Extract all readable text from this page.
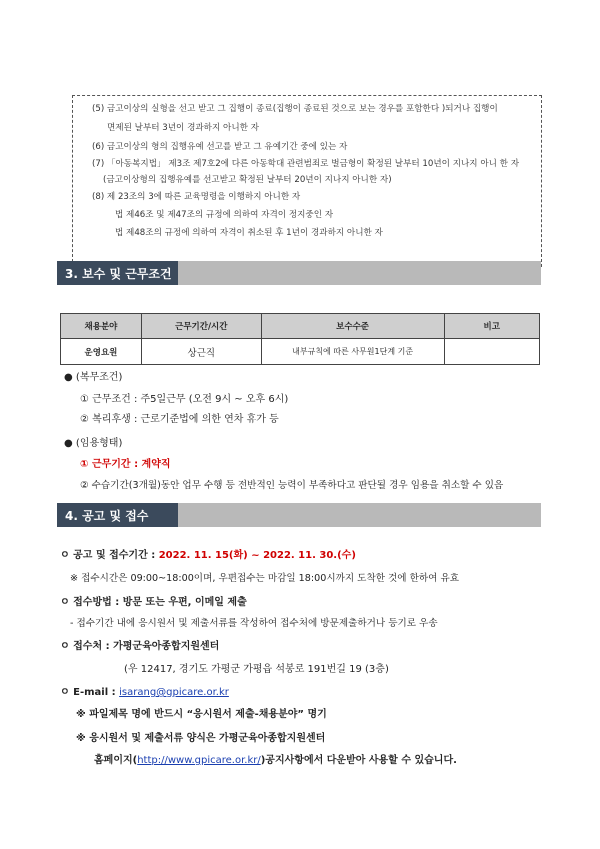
(5) 금고이상의 실형을 선고 받고 그 집행이 종료(집행이 종료된 것으로 보는 경우를 포함한다 )되거나 집행이
면제된 날부터 3년이 경과하지 아니한 자
(6) 금고이상의 형의 집행유예 선고를 받고 그 유예기간 중에 있는 자
(7) 「아동복지법」 제3조 제7호2에 다른 아동학대 관련범죄로 벌금형이 확정된 날부터 10년이 지나지 아니 한 자
(금고이상형의 집행유예를 선고받고 확정된 날부터 20년이 지나지 아니한 자)
(8) 제 23조의 3에 따른 교육명령을 이행하지 아니한 자
법 제46조 및 제47조의 규정에 의하여 자격이 정지중인 자
법 제48조의 규정에 의하여 자격이 취소된 후 1년이 경과하지 아니한 자
3. 보수 및 근무조건
채용분야	근무기간/시간	보수수준	비고
운영요원	상근직	내부규칙에 따른 사무원1단계 기준	
● (복무조건)
① 근무조건 : 주5일근무 (오전 9시 ~ 오후 6시)
② 복리후생 : 근로기준법에 의한 연차 휴가 등
● (임용형태)
① 근무기간 : 계약직
② 수습기간(3개월)동안 업무 수행 등 전반적인 능력이 부족하다고 판단될 경우 임용을 취소할 수 있음
4. 공고 및 접수
ㅇ 공고 및 접수기간 : 2022. 11. 15(화) ~ 2022. 11. 30.(수)
※ 접수시간은 09:00~18:00이며, 우편접수는 마감일 18:00시까지 도착한 것에 한하여 유효
ㅇ 접수방법 : 방문 또는 우편, 이메일 제출
- 접수기간 내에 응시원서 및 제출서류를 작성하여 접수처에 방문제출하거나 등기로 우송
ㅇ 접수처 : 가평군육아종합지원센터
(우 12417, 경기도 가평군 가평읍 석봉로 191번길 19 (3층)
ㅇ E-mail : isarang@gpicare.or.kr
※ 파일제목 명에 반드시 “응시원서 제출-채용분야” 명기
※ 응시원서 및 제출서류 양식은 가평군육아종합지원센터
홈페이지(http://www.gpicare.or.kr/)공지사항에서 다운받아 사용할 수 있습니다.
